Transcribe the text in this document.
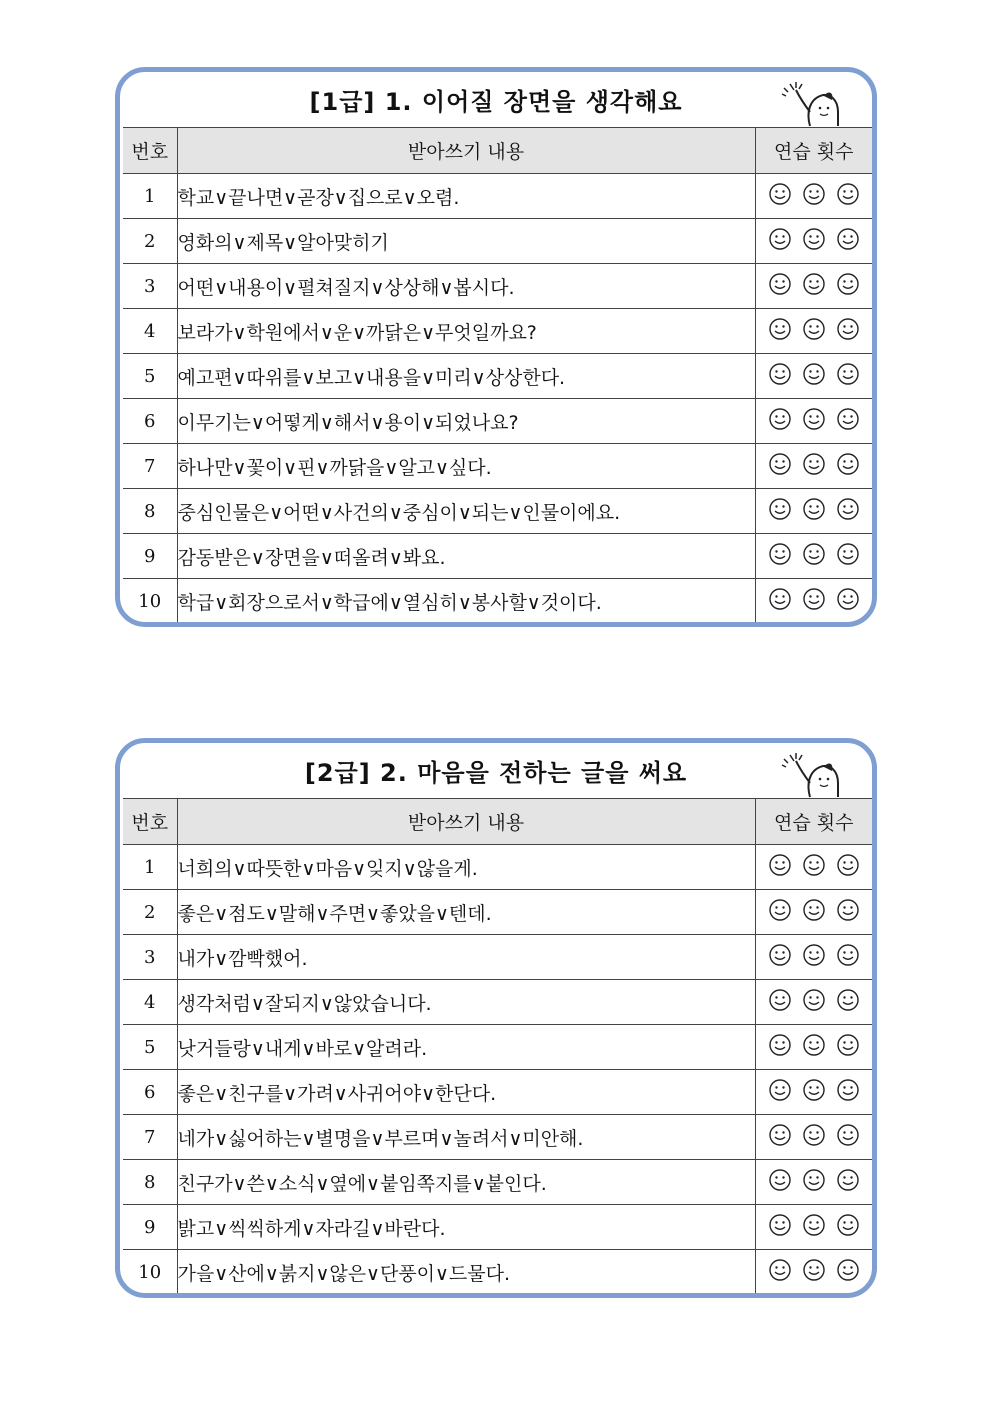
[1급] 1. 이어질 장면을 생각해요
번호	받아쓰기 내용	연습 횟수
1	학교∨끝나면∨곧장∨집으로∨오렴.	

2	영화의∨제목∨알아맞히기	

3	어떤∨내용이∨펼쳐질지∨상상해∨봅시다.	

4	보라가∨학원에서∨운∨까닭은∨무엇일까요?	

5	예고편∨따위를∨보고∨내용을∨미리∨상상한다.	

6	이무기는∨어떻게∨해서∨용이∨되었나요?	

7	하나만∨꽃이∨핀∨까닭을∨알고∨싶다.	

8	중심인물은∨어떤∨사건의∨중심이∨되는∨인물이에요.	

9	감동받은∨장면을∨떠올려∨봐요.	

10	학급∨회장으로서∨학급에∨열심히∨봉사할∨것이다.	
[2급] 2. 마음을 전하는 글을 써요
번호	받아쓰기 내용	연습 횟수
1	너희의∨따뜻한∨마음∨잊지∨않을게.	

2	좋은∨점도∨말해∨주면∨좋았을∨텐데.	

3	내가∨깜빡했어.	

4	생각처럼∨잘되지∨않았습니다.	

5	낫거들랑∨내게∨바로∨알려라.	

6	좋은∨친구를∨가려∨사귀어야∨한단다.	

7	네가∨싫어하는∨별명을∨부르며∨놀려서∨미안해.	

8	친구가∨쓴∨소식∨옆에∨붙임쪽지를∨붙인다.	

9	밝고∨씩씩하게∨자라길∨바란다.	

10	가을∨산에∨붉지∨않은∨단풍이∨드물다.	
